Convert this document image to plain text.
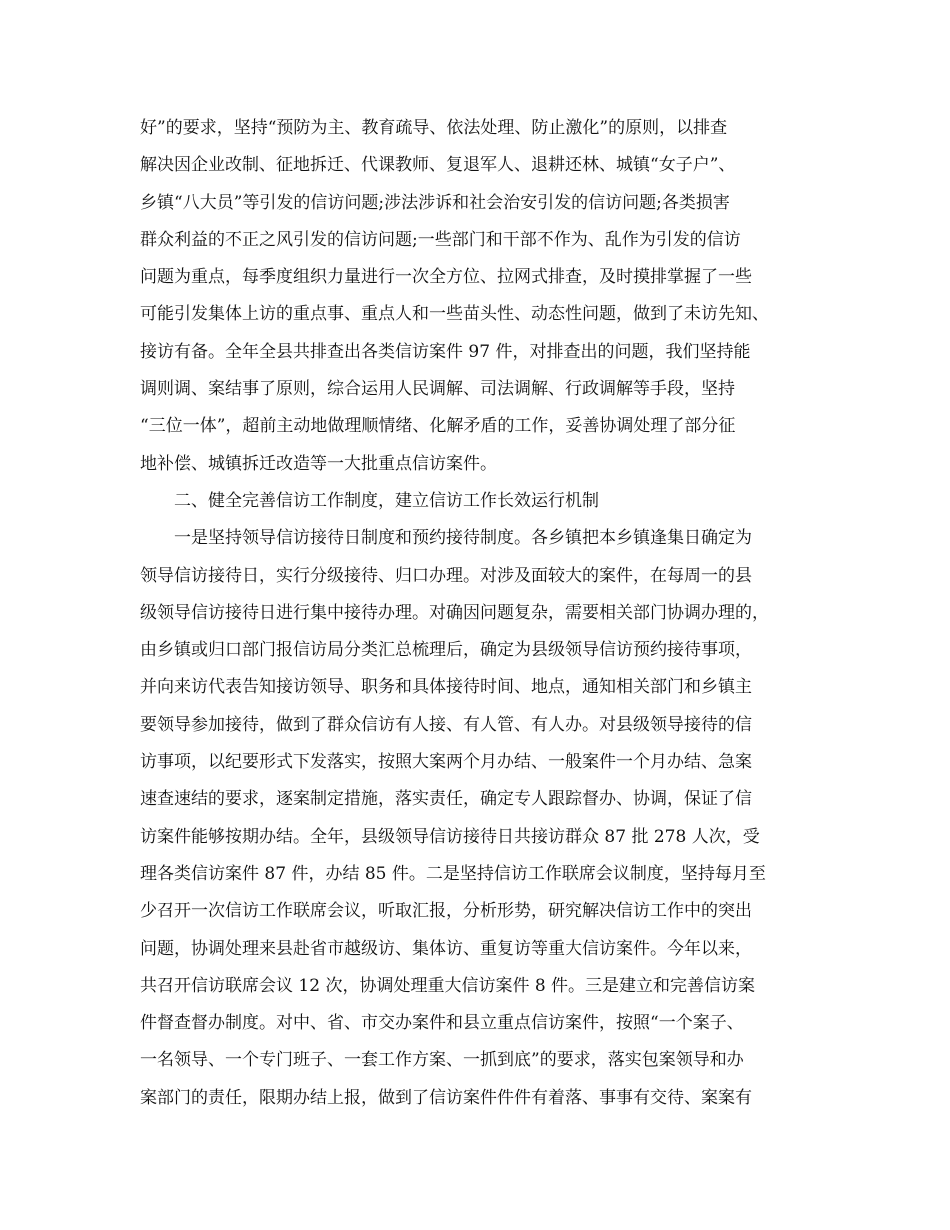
好”的要求，坚持“预防为主、教育疏导、依法处理、防止激化”的原则，以排查
解决因企业改制、征地拆迁、代课教师、复退军人、退耕还林、城镇“女子户”、
乡镇“八大员”等引发的信访问题;涉法涉诉和社会治安引发的信访问题;各类损害
群众利益的不正之风引发的信访问题;一些部门和干部不作为、乱作为引发的信访
问题为重点，每季度组织力量进行一次全方位、拉网式排查，及时摸排掌握了一些
可能引发集体上访的重点事、重点人和一些苗头性、动态性问题，做到了未访先知、
接访有备。全年全县共排查出各类信访案件 97 件，对排查出的问题，我们坚持能
调则调、案结事了原则，综合运用人民调解、司法调解、行政调解等手段，坚持
“三位一体”，超前主动地做理顺情绪、化解矛盾的工作，妥善协调处理了部分征
地补偿、城镇拆迁改造等一大批重点信访案件。
二、健全完善信访工作制度，建立信访工作长效运行机制
一是坚持领导信访接待日制度和预约接待制度。各乡镇把本乡镇逢集日确定为
领导信访接待日，实行分级接待、归口办理。对涉及面较大的案件，在每周一的县
级领导信访接待日进行集中接待办理。对确因问题复杂，需要相关部门协调办理的，
由乡镇或归口部门报信访局分类汇总梳理后，确定为县级领导信访预约接待事项，
并向来访代表告知接访领导、职务和具体接待时间、地点，通知相关部门和乡镇主
要领导参加接待，做到了群众信访有人接、有人管、有人办。对县级领导接待的信
访事项，以纪要形式下发落实，按照大案两个月办结、一般案件一个月办结、急案
速查速结的要求，逐案制定措施，落实责任，确定专人跟踪督办、协调，保证了信
访案件能够按期办结。全年，县级领导信访接待日共接访群众 87 批 278 人次，受
理各类信访案件 87 件，办结 85 件。二是坚持信访工作联席会议制度，坚持每月至
少召开一次信访工作联席会议，听取汇报，分析形势，研究解决信访工作中的突出
问题，协调处理来县赴省市越级访、集体访、重复访等重大信访案件。今年以来，
共召开信访联席会议 12 次，协调处理重大信访案件 8 件。三是建立和完善信访案
件督查督办制度。对中、省、市交办案件和县立重点信访案件，按照“一个案子、
一名领导、一个专门班子、一套工作方案、一抓到底”的要求，落实包案领导和办
案部门的责任，限期办结上报，做到了信访案件件件有着落、事事有交待、案案有
